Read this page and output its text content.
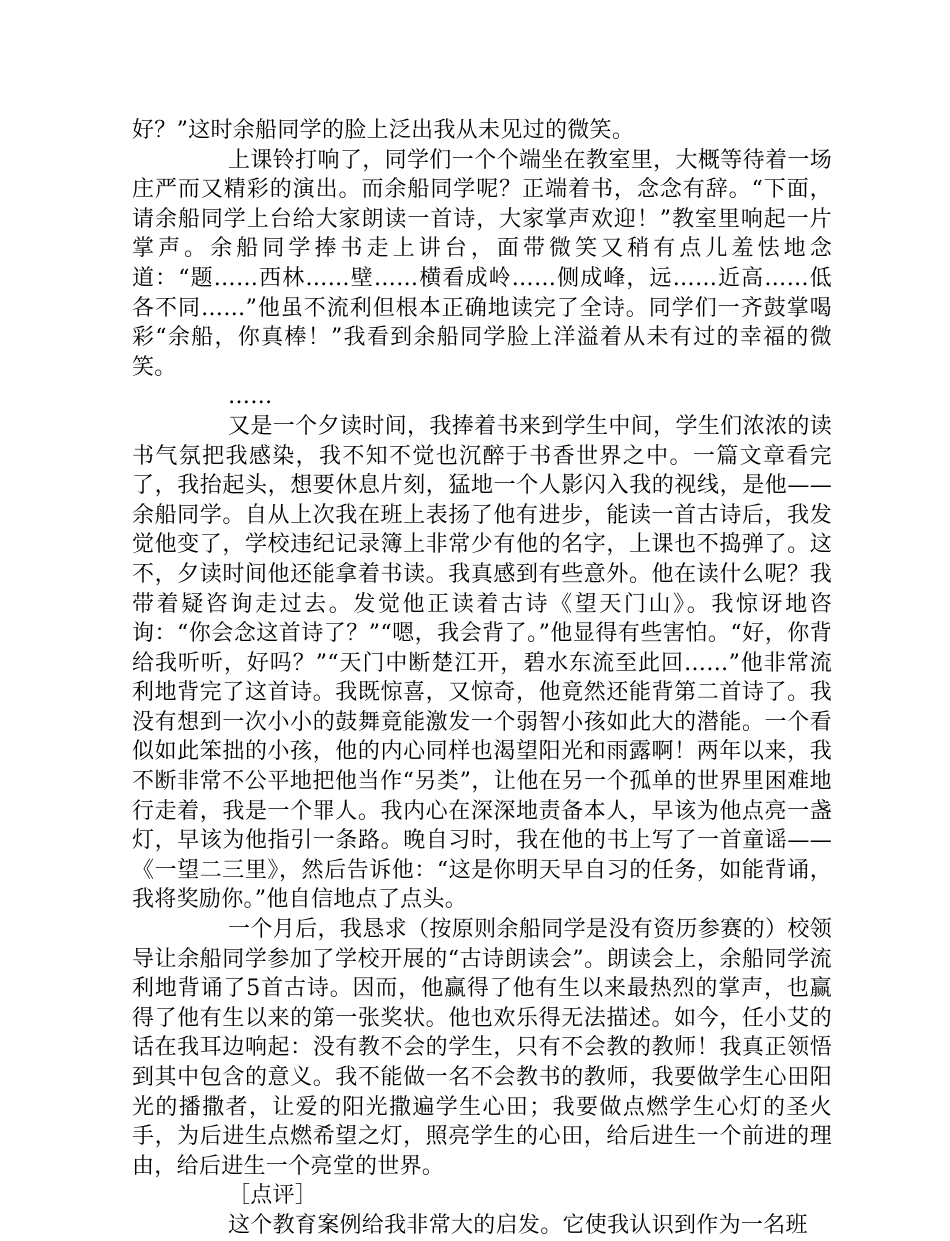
好？”这时余船同学的脸上泛出我从未见过的微笑。

上课铃打响了，同学们一个个端坐在教室里，大概等待着一场庄严而又精彩的演出。而余船同学呢？正端着书，念念有辞。“下面，请余船同学上台给大家朗读一首诗，大家掌声欢迎！”教室里响起一片掌声。余船同学捧书走上讲台，面带微笑又稍有点儿羞怯地念道：“题……西林……壁……横看成岭……侧成峰，远……近高……低各不同……”他虽不流利但根本正确地读完了全诗。同学们一齐鼓掌喝彩“余船，你真棒！”我看到余船同学脸上洋溢着从未有过的幸福的微笑。

……

又是一个夕读时间，我捧着书来到学生中间，学生们浓浓的读书气氛把我感染，我不知不觉也沉醉于书香世界之中。一篇文章看完了，我抬起头，想要休息片刻，猛地一个人影闪入我的视线，是他——余船同学。自从上次我在班上表扬了他有进步，能读一首古诗后，我发觉他变了，学校违纪记录簿上非常少有他的名字，上课也不捣弹了。这不，夕读时间他还能拿着书读。我真感到有些意外。他在读什么呢？我带着疑咨询走过去。发觉他正读着古诗《望天门山》。我惊讶地咨询：“你会念这首诗了？”“嗯，我会背了。”他显得有些害怕。“好，你背给我听听，好吗？”“天门中断楚江开，碧水东流至此回……”他非常流利地背完了这首诗。我既惊喜，又惊奇，他竟然还能背第二首诗了。我没有想到一次小小的鼓舞竟能激发一个弱智小孩如此大的潜能。一个看似如此笨拙的小孩，他的内心同样也渴望阳光和雨露啊！两年以来，我不断非常不公平地把他当作“另类”，让他在另一个孤单的世界里困难地行走着，我是一个罪人。我内心在深深地责备本人，早该为他点亮一盏灯，早该为他指引一条路。晚自习时，我在他的书上写了一首童谣——《一望二三里》，然后告诉他：“这是你明天早自习的任务，如能背诵，我将奖励你。”他自信地点了点头。

一个月后，我恳求（按原则余船同学是没有资历参赛的）校领导让余船同学参加了学校开展的“古诗朗读会”。朗读会上，余船同学流利地背诵了5首古诗。因而，他赢得了他有生以来最热烈的掌声，也赢得了他有生以来的第一张奖状。他也欢乐得无法描述。如今，任小艾的话在我耳边响起：没有教不会的学生，只有不会教的教师！我真正领悟到其中包含的意义。我不能做一名不会教书的教师，我要做学生心田阳光的播撒者，让爱的阳光撒遍学生心田；我要做点燃学生心灯的圣火手，为后进生点燃希望之灯，照亮学生的心田，给后进生一个前进的理由，给后进生一个亮堂的世界。

［点评］

这个教育案例给我非常大的启发。它使我认识到作为一名班
